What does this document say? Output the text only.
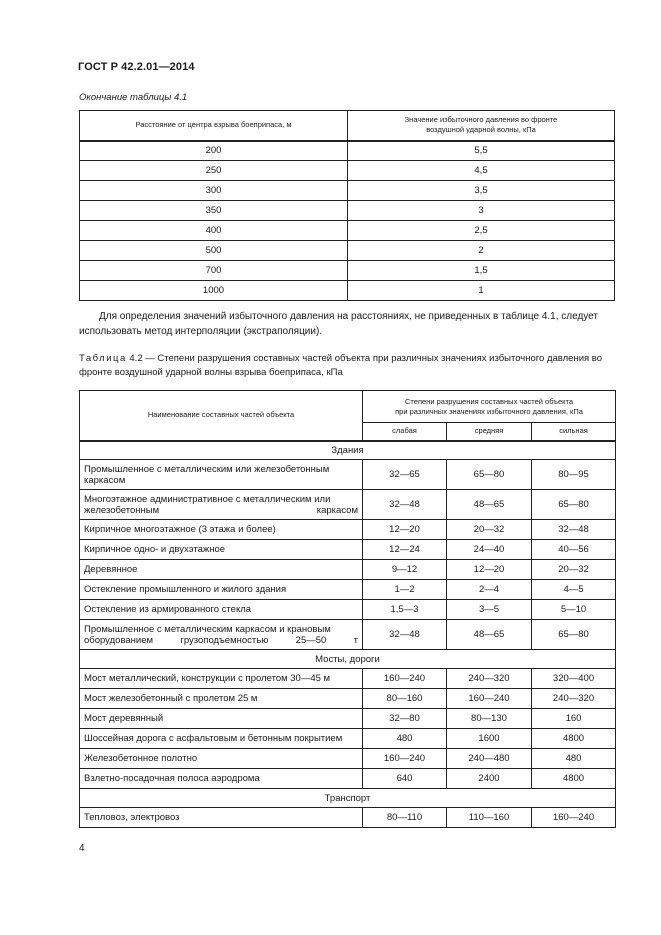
ГОСТ Р 42.2.01—2014
Окончание таблицы 4.1
Расстояние от центра взрыва боеприпаса, м	Значение избыточного давления во фронте
воздушной ударной волны, кПа
200	5,5
250	4,5
300	3,5
350	3
400	2,5
500	2
700	1,5
1000	1
Для определения значений избыточного давления на расстояниях, не приведенных в таблице 4.1, следует использовать метод интерполяции (экстраполяции).
Таблица 4.2 — Степени разрушения составных частей объекта при различных значениях избыточного давления во фронте воздушной ударной волны взрыва боеприпаса, кПа
Наименование составных частей объекта	Степени разрушения составных частей объекта
при различных значениях избыточного давления, кПа		
	слабая	средняя	сильная
Здания			
Промышленное с металлическим или железобетонным каркасом	32—65	65—80	80—95
Многоэтажное административное с металлическим или железобетонным каркасом	32—48	48—65	65—80
Кирпичное многоэтажное (3 этажа и более)	12—20	20—32	32—48
Кирпичное одно- и двухэтажное	12—24	24—40	40—56
Деревянное	9—12	12—20	20—32
Остекление промышленного и жилого здания	1—2	2—4	4—5
Остекление из армированного стекла	1,5—3	3—5	5—10
Промышленное с металлическим каркасом и крановым оборудованием грузоподъемностью 25—50 т	32—48	48—65	65—80
Мосты, дороги			
Мост металлический, конструкции с пролетом 30—45 м	160—240	240—320	320—400
Мост железобетонный с пролетом 25 м	80—160	160—240	240—320
Мост деревянный	32—80	80—130	160
Шоссейная дорога с асфальтовым и бетонным покрытием	480	1600	4800
Железобетонное полотно	160—240	240—480	480
Взлетно-посадочная полоса аэродрома	640	2400	4800
Транспорт			
Тепловоз, электровоз	80—110	110—160	160—240
4
